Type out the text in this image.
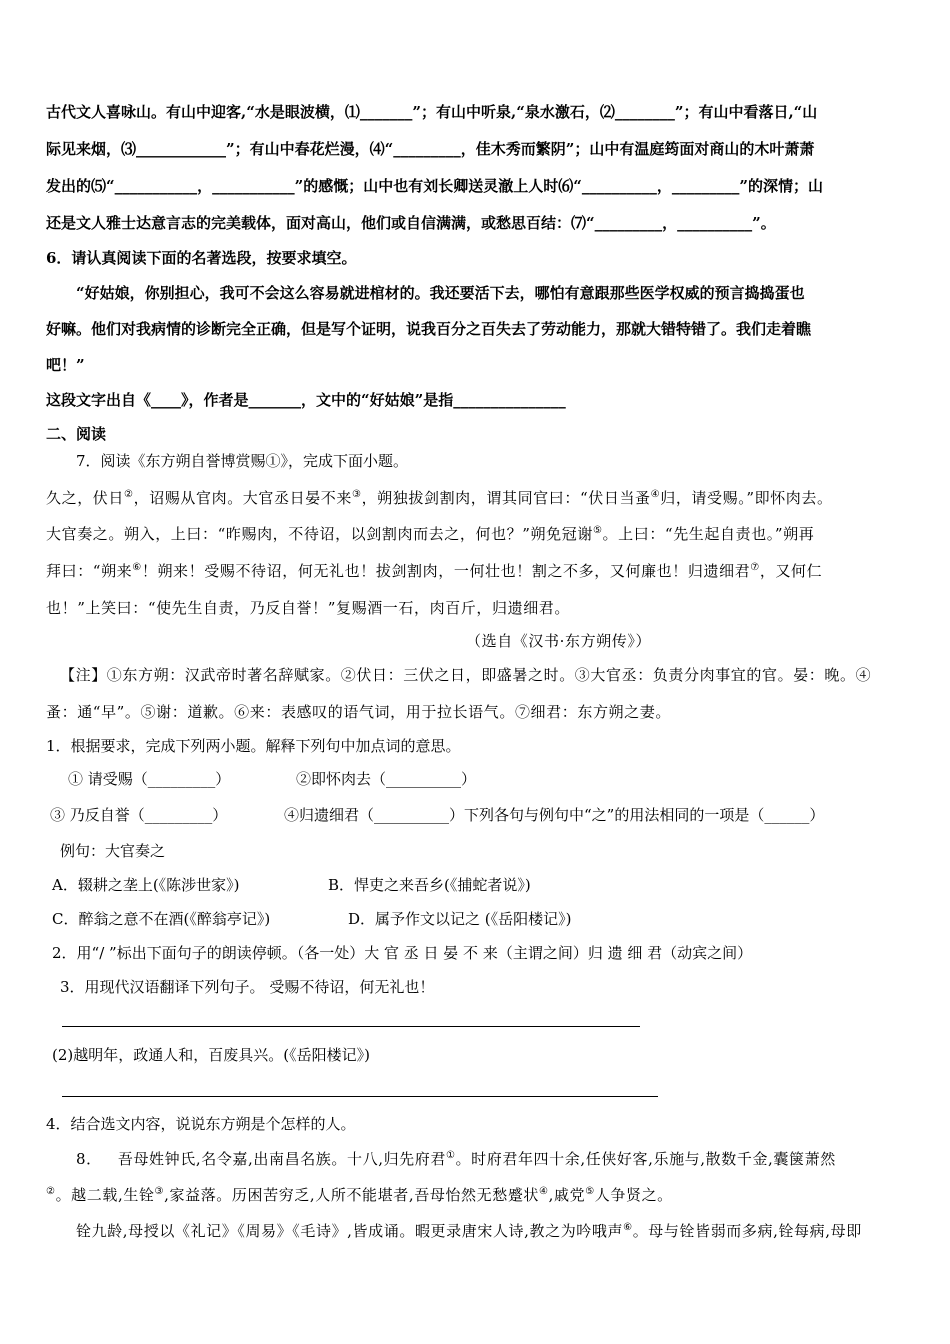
古代文人喜咏山。有山中迎客,“水是眼波横，⑴_______”；有山中听泉,“泉水激石，⑵________”；有山中看落日,“山
际见来烟，⑶____________”；有山中春花烂漫，⑷“_________，佳木秀而繁阴”；山中有温庭筠面对商山的木叶萧萧
发出的⑸“___________，___________”的感慨；山中也有刘长卿送灵澈上人时⑹“__________，_________”的深情；山
还是文人雅士达意言志的完美载体，面对高山，他们或自信满满，或愁思百结：⑺“_________，__________”。
6．请认真阅读下面的名著选段，按要求填空。
“好姑娘，你别担心，我可不会这么容易就进棺材的。我还要活下去，哪怕有意跟那些医学权威的预言捣捣蛋也
好嘛。他们对我病情的诊断完全正确，但是写个证明，说我百分之百失去了劳动能力，那就大错特错了。我们走着瞧
吧！”
这段文字出自《____》，作者是_______，文中的“好姑娘”是指_______________
二、阅读
7．阅读《东方朔自誉博赏赐①》，完成下面小题。
久之，伏日②，诏赐从官肉。大官丞日晏不来③，朔独拔剑割肉，谓其同官曰：“伏日当蚤④归，请受赐。”即怀肉去。
大官奏之。朔入，上曰：“昨赐肉，不待诏，以剑割肉而去之，何也？”朔免冠谢⑤。上曰：“先生起自责也。”朔再
拜曰：“朔来⑥！朔来！受赐不待诏，何无礼也！拔剑割肉，一何壮也！割之不多，又何廉也！归遗细君⑦，又何仁
也！”上笑曰：“使先生自责，乃反自誉！”复赐酒一石，肉百斤，归遗细君。
（选自《汉书·东方朔传》）
【注】①东方朔：汉武帝时著名辞赋家。②伏日：三伏之日，即盛暑之时。③大官丞：负责分肉事宜的官。晏：晚。④
蚤：通“早”。⑤谢：道歉。⑥来：表感叹的语气词，用于拉长语气。⑦细君：东方朔之妻。
1．根据要求，完成下列两小题。解释下列句中加点词的意思。
① 请受赐（_________）	②即怀肉去（__________）
③ 乃反自誉（_________）	④归遗细君（__________）下列各句与例句中“之”的用法相同的一项是（______）
例句：大官奏之
A．辍耕之垄上(《陈涉世家》)	B．悍吏之来吾乡(《捕蛇者说》)
C．醉翁之意不在酒(《醉翁亭记》)	D．属予作文以记之 (《岳阳楼记》)
2．用“/ ”标出下面句子的朗读停顿。（各一处）大 官 丞 日 晏 不 来（主谓之间）归 遗 细 君（动宾之间）
3．用现代汉语翻译下列句子。 受赐不待诏，何无礼也！
(2)越明年，政通人和，百废具兴。(《岳阳楼记》)
4．结合选文内容，说说东方朔是个怎样的人。
8． 吾母姓钟氏,名令嘉,出南昌名族。十八,归先府君①。时府君年四十余,任侠好客,乐施与,散数千金,囊箧萧然
②。越二载,生铨③,家益落。历困苦穷乏,人所不能堪者,吾母怡然无愁蹙状④,戚党⑤人争贤之。
铨九龄,母授以《礼记》《周易》《毛诗》,皆成诵。暇更录唐宋人诗,教之为吟哦声⑥。母与铨皆弱而多病,铨每病,母即
